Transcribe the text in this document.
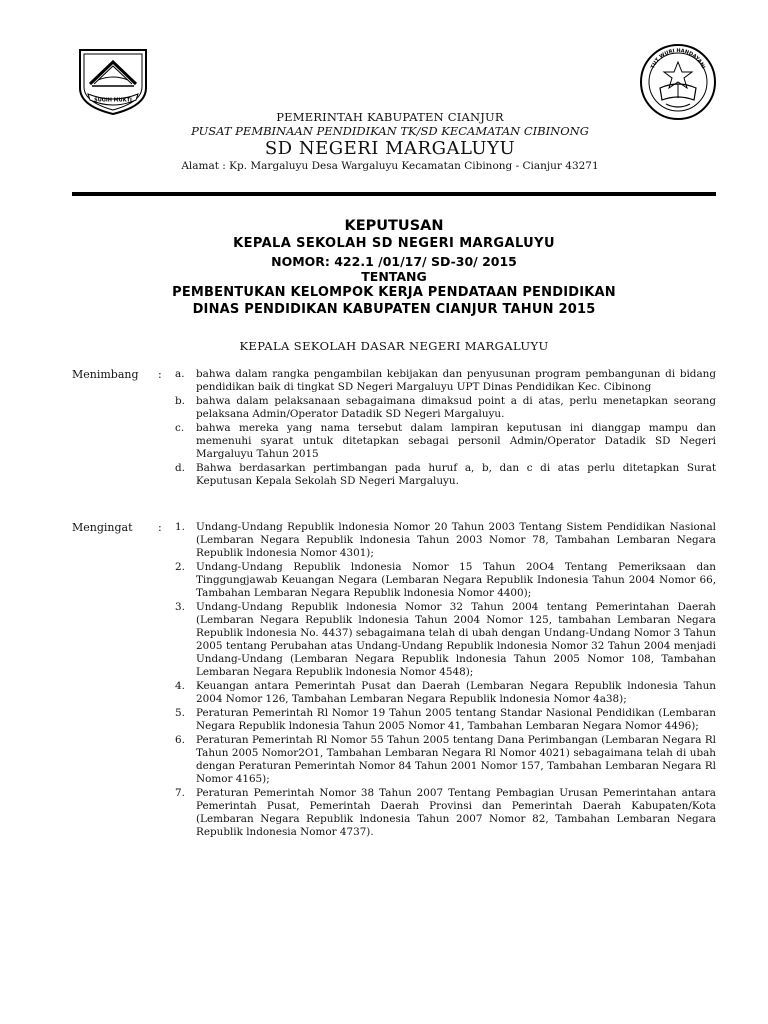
SUGIH MUKTI
TUT WURI HANDAYANI
PEMERINTAH KABUPATEN CIANJUR
PUSAT PEMBINAAN PENDIDIKAN TK/SD KECAMATAN CIBINONG
SD NEGERI MARGALUYU
Alamat : Kp. Margaluyu Desa Wargaluyu Kecamatan Cibinong - Cianjur 43271
KEPUTUSAN
KEPALA SEKOLAH SD NEGERI MARGALUYU
NOMOR: 422.1 /01/17/ SD-30/ 2015
TENTANG
PEMBENTUKAN KELOMPOK KERJA PENDATAAN PENDIDIKAN
DINAS PENDIDIKAN KABUPATEN CIANJUR TAHUN 2015
KEPALA SEKOLAH DASAR NEGERI MARGALUYU
Menimbang : a.	bahwa dalam rangka pengambilan kebijakan dan penyusunan program pembangunan di bidang pendidikan baik di tingkat SD Negeri Margaluyu UPT Dinas Pendidikan Kec. Cibinong
b.	bahwa dalam pelaksanaan sebagaimana dimaksud point a di atas, perlu menetapkan seorang pelaksana Admin/Operator Datadik SD Negeri Margaluyu.
c.	bahwa mereka yang nama tersebut dalam lampiran keputusan ini dianggap mampu dan memenuhi syarat untuk ditetapkan sebagai personil Admin/Operator Datadik SD Negeri Margaluyu Tahun 2015
d.	Bahwa berdasarkan pertimbangan pada huruf a, b, dan c di atas perlu ditetapkan Surat Keputusan Kepala Sekolah SD Negeri Margaluyu.
Mengingat : 1.	Undang-Undang Republik lndonesia Nomor 20 Tahun 2003 Tentang Sistem Pendidikan Nasional (Lembaran Negara Republik lndonesia Tahun 2003 Nomor 78, Tambahan Lembaran Negara Republik lndonesia Nomor 4301);
2.	Undang-Undang Republik lndonesia Nomor 15 Tahun 20O4 Tentang Pemeriksaan dan Tinggungjawab Keuangan Negara (Lembaran Negara Republik Indonesia Tahun 2004 Nomor 66, Tambahan Lembaran Negara Republik lndonesia Nomor 4400);
3.	Undang-Undang Republik lndonesia Nomor 32 Tahun 2004 tentang Pemerintahan Daerah (Lembaran Negara Republik lndonesia Tahun 2004 Nomor 125, tambahan Lembaran Negara Republik lndonesia No. 4437) sebagaimana telah di ubah dengan Undang-Undang Nomor 3 Tahun 2005 tentang Perubahan atas Undang-Undang Republik lndonesia Nomor 32 Tahun 2004 menjadi Undang-Undang (Lembaran Negara Republik lndonesia Tahun 2005 Nomor 108, Tambahan Lembaran Negara Republik lndonesia Nomor 4548);
4.	Keuangan antara Pemerintah Pusat dan Daerah (Lembaran Negara Republik lndonesia Tahun 2004 Nomor 126, Tambahan Lembaran Negara Republik lndonesia Nomor 4a38);
5.	Peraturan Pemerintah Rl Nomor 19 Tahun 2005 tentang Standar Nasional Pendidikan (Lembaran Negara Republik lndonesia Tahun 2005 Nomor 41, Tambahan Lembaran Negara Nomor 4496);
6.	Peraturan Pemerintah Rl Nomor 55 Tahun 2005 tentang Dana Perimbangan (Lembaran Negara Rl Tahun 2005 Nomor2O1, Tambahan Lembaran Negara Rl Nomor 4021) sebagaimana telah di ubah dengan Peraturan Pemerintah Nomor 84 Tahun 2001 Nomor 157, Tambahan Lembaran Negara Rl Nomor 4165);
7.	Peraturan Pemerintah Nomor 38 Tahun 2007 Tentang Pembagian Urusan Pemerintahan antara Pemerintah Pusat, Pemerintah Daerah Provinsi dan Pemerintah Daerah Kabupaten/Kota (Lembaran Negara Republik lndonesia Tahun 2007 Nomor 82, Tambahan Lembaran Negara Republik lndonesia Nomor 4737).
